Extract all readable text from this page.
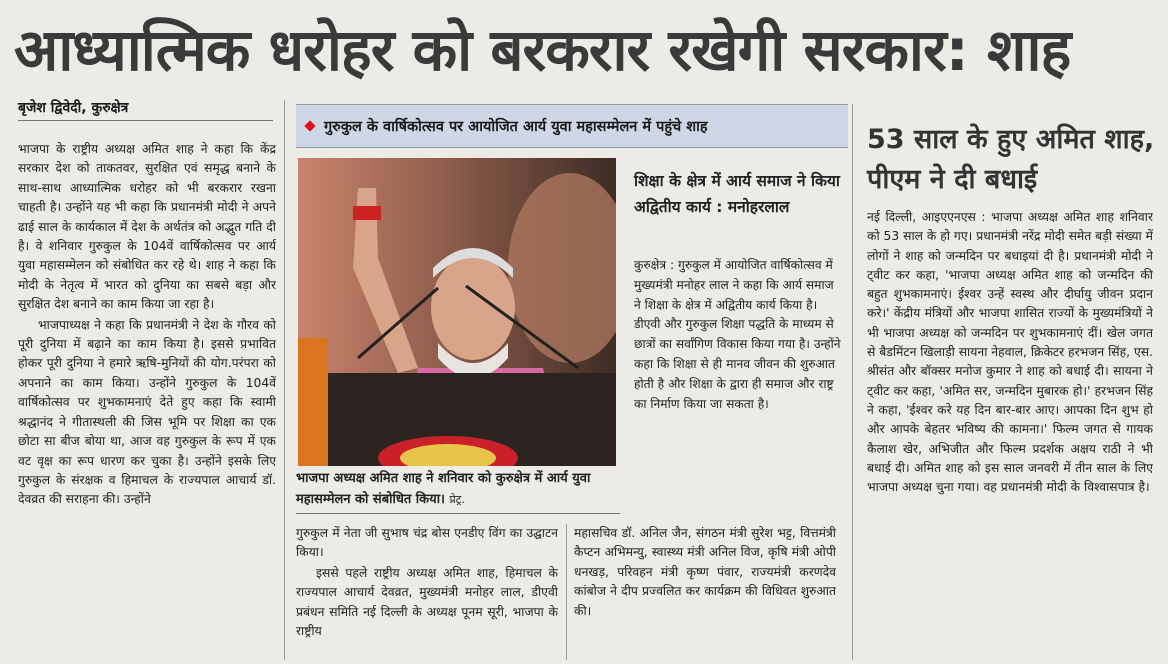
आध्यात्मिक धरोहर को बरकरार रखेगी सरकार: शाह
बृजेश द्विवेदी, कुरुक्षेत्र

भाजपा के राष्ट्रीय अध्यक्ष अमित शाह ने कहा कि केंद्र सरकार देश को ताकतवर, सुरक्षित एवं समृद्ध बनाने के साथ-साथ आध्यात्मिक धरोहर को भी बरकरार रखना चाहती है। उन्होंने यह भी कहा कि प्रधानमंत्री मोदी ने अपने ढाई साल के कार्यकाल में देश के अर्थतंत्र को अद्भुत गति दी है। वे शनिवार गुरुकुल के 104वें वार्षिकोत्सव पर आर्य युवा महासम्मेलन को संबोधित कर रहे थे। शाह ने कहा कि मोदी के नेतृत्व में भारत को दुनिया का सबसे बड़ा और सुरक्षित देश बनाने का काम किया जा रहा है।

भाजपाध्यक्ष ने कहा कि प्रधानमंत्री ने देश के गौरव को पूरी दुनिया में बढ़ाने का काम किया है। इससे प्रभावित होकर पूरी दुनिया ने हमारे ऋषि-मुनियों की योग.परंपरा को अपनाने का काम किया। उन्होंने गुरुकुल के 104वें वार्षिकोत्सव पर शुभकामनाएं देते हुए कहा कि स्वामी श्रद्धानंद ने गीतास्थली की जिस भूमि पर शिक्षा का एक छोटा सा बीज बोया था, आज वह गुरुकुल के रूप में एक वट वृक्ष का रूप धारण कर चुका है। उन्होंने इसके लिए गुरुकुल के संरक्षक व हिमाचल के राज्यपाल आचार्य डॉ. देवव्रत की सराहना की। उन्होंने

गुरुकुल के वार्षिकोत्सव पर आयोजित आर्य युवा महासम्मेलन में पहुंचे शाह
भाजपा अध्यक्ष अमित शाह ने शनिवार को कुरुक्षेत्र में आर्य युवा महासम्मेलन को संबोधित किया। प्रेट्र.
शिक्षा के क्षेत्र में आर्य समाज ने किया अद्वितीय कार्य : मनोहरलाल
कुरुक्षेत्र : गुरुकुल में आयोजित वार्षिकोत्सव में मुख्यमंत्री मनोहर लाल ने कहा कि आर्य समाज ने शिक्षा के क्षेत्र में अद्वितीय कार्य किया है। डीएवी और गुरुकुल शिक्षा पद्धति के माध्यम से छात्रों का सर्वांगिण विकास किया गया है। उन्होंने कहा कि शिक्षा से ही मानव जीवन की शुरुआत होती है और शिक्षा के द्वारा ही समाज और राष्ट्र का निर्माण किया जा सकता है।

गुरुकुल में नेता जी सुभाष चंद्र बोस एनडीए विंग का उद्घाटन किया।

इससे पहले राष्ट्रीय अध्यक्ष अमित शाह, हिमाचल के राज्यपाल आचार्य देवव्रत, मुख्यमंत्री मनोहर लाल, डीएवी प्रबंधन समिति नई दिल्ली के अध्यक्ष पूनम सूरी, भाजपा के राष्ट्रीय

महासचिव डॉ. अनिल जैन, संगठन मंत्री सुरेश भट्ट, वित्तमंत्री कैप्टन अभिमन्यु, स्वास्थ्य मंत्री अनिल विज, कृषि मंत्री ओपी धनखड़, परिवहन मंत्री कृष्ण पंवार, राज्यमंत्री करणदेव कांबोज ने दीप प्रज्वलित कर कार्यक्रम की विधिवत शुरुआत की।
53 साल के हुए अमित शाह, पीएम ने दी बधाई
नई दिल्ली, आइएएनएस : भाजपा अध्यक्ष अमित शाह शनिवार को 53 साल के हो गए। प्रधानमंत्री नरेंद्र मोदी समेत बड़ी संख्या में लोगों ने शाह को जन्मदिन पर बधाइयां दी है। प्रधानमंत्री मोदी ने ट्वीट कर कहा, 'भाजपा अध्यक्ष अमित शाह को जन्मदिन की बहुत शुभकामनाएं। ईश्वर उन्हें स्वस्थ और दीर्घायु जीवन प्रदान करे।' केंद्रीय मंत्रियों और भाजपा शासित राज्यों के मुख्यमंत्रियों ने भी भाजपा अध्यक्ष को जन्मदिन पर शुभकामनाएं दीं। खेल जगत से बैडमिंटन खिलाड़ी सायना नेहवाल, क्रिकेटर हरभजन सिंह, एस. श्रीसंत और बॉक्सर मनोज कुमार ने शाह को बधाई दी। सायना ने ट्वीट कर कहा, 'अमित सर, जन्मदिन मुबारक हो।' हरभजन सिंह ने कहा, 'ईश्वर करे यह दिन बार-बार आए। आपका दिन शुभ हो और आपके बेहतर भविष्य की कामना।' फिल्म जगत से गायक कैलाश खेर, अभिजीत और फिल्म प्रदर्शक अक्षय राठी ने भी बधाई दी। अमित शाह को इस साल जनवरी में तीन साल के लिए भाजपा अध्यक्ष चुना गया। वह प्रधानमंत्री मोदी के विश्वासपात्र है।
